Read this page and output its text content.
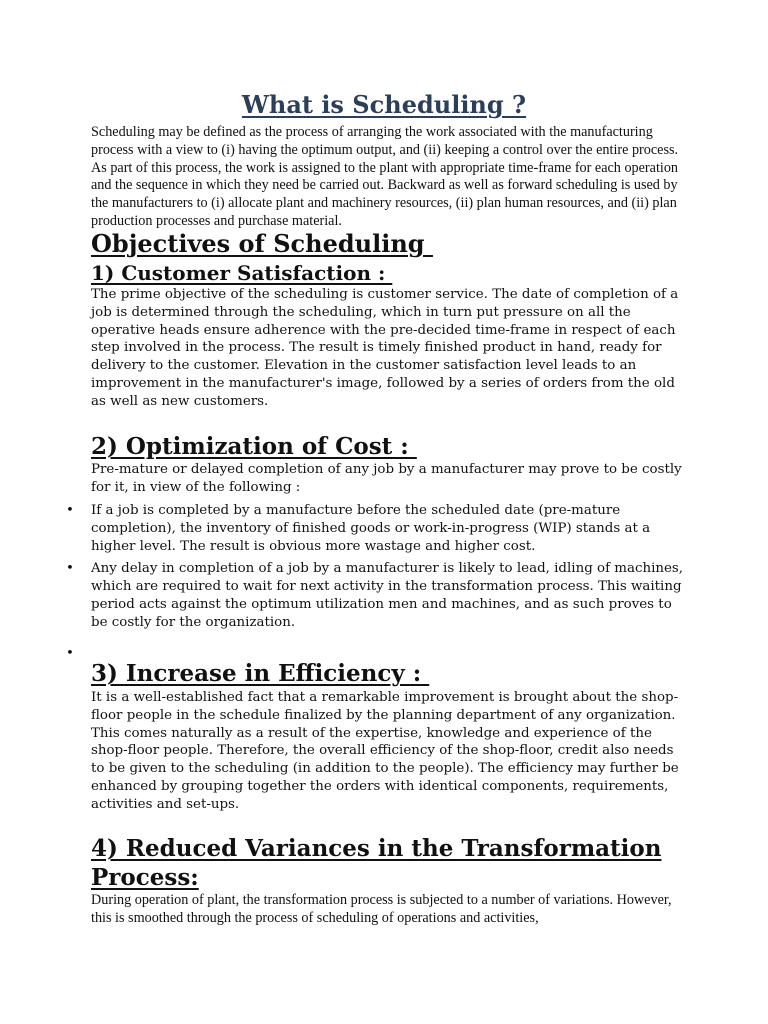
What is Scheduling ?

Scheduling may be defined as the process of arranging the work associated with the manufacturing process with a view to (i) having the optimum output, and (ii) keeping a control over the entire process. As part of this process, the work is assigned to the plant with appropriate time-frame for each operation and the sequence in which they need be carried out. Backward as well as forward scheduling is used by the manufacturers to (i) allocate plant and machinery resources, (ii) plan human resources, and (ii) plan production processes and purchase material.

Objectives of Scheduling
1) Customer Satisfaction :

The prime objective of the scheduling is customer service. The date of completion of a job is determined through the scheduling, which in turn put pressure on all the operative heads ensure adherence with the pre-decided time-frame in respect of each step involved in the process. The result is timely finished product in hand, ready for delivery to the customer. Elevation in the customer satisfaction level leads to an improvement in the manufacturer's image, followed by a series of orders from the old as well as new customers.

2) Optimization of Cost :

Pre-mature or delayed completion of any job by a manufacturer may prove to be costly for it, in view of the following :

• If a job is completed by a manufacture before the scheduled date (pre-mature completion), the inventory of finished goods or work-in-progress (WIP) stands at a higher level. The result is obvious more wastage and higher cost.
• Any delay in completion of a job by a manufacturer is likely to lead, idling of machines, which are required to wait for next activity in the transformation process. This waiting period acts against the optimum utilization men and machines, and as such proves to be costly for the organization.
•
3) Increase in Efficiency :

It is a well-established fact that a remarkable improvement is brought about the shop-floor people in the schedule finalized by the planning department of any organization. This comes naturally as a result of the expertise, knowledge and experience of the shop-floor people. Therefore, the overall efficiency of the shop-floor, credit also needs to be given to the scheduling (in addition to the people). The efficiency may further be enhanced by grouping together the orders with identical components, requirements, activities and set-ups.

4) Reduced Variances in the Transformation Process:

During operation of plant, the transformation process is subjected to a number of variations. However, this is smoothed through the process of scheduling of operations and activities,
